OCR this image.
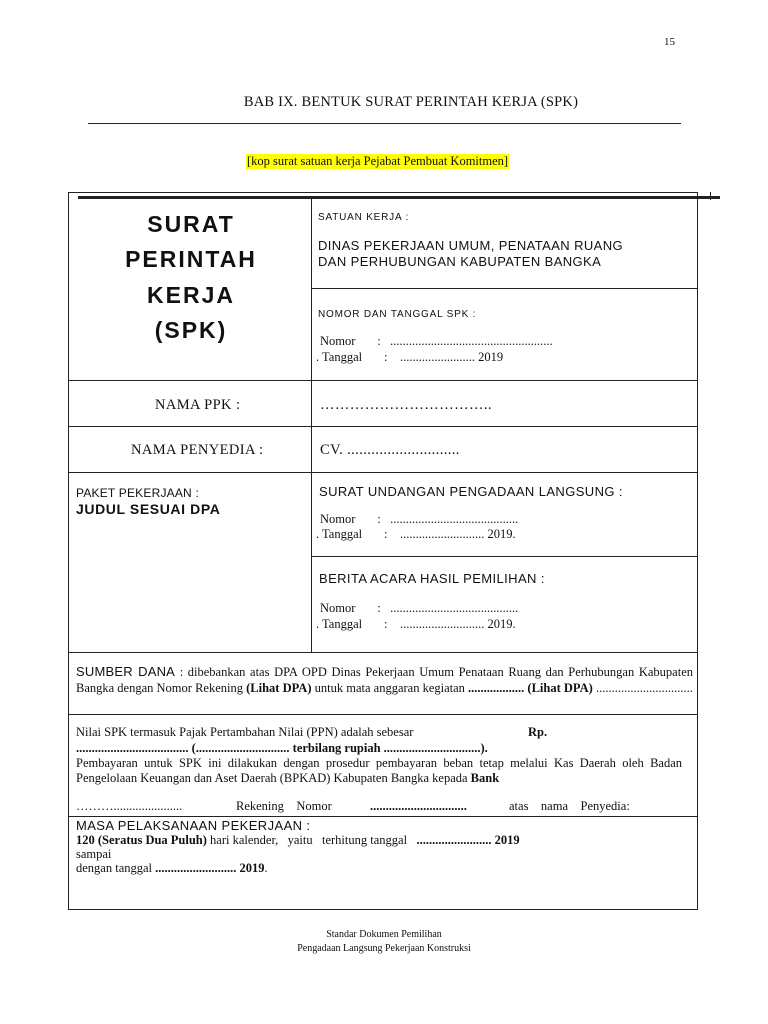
15
BAB IX. BENTUK SURAT PERINTAH KERJA (SPK)
[kop surat satuan kerja Pejabat Pembuat Komitmen]
SURAT
PERINTAH
KERJA
(SPK)
SATUAN KERJA :
DINAS PEKERJAAN UMUM, PENATAAN RUANG
DAN PERHUBUNGAN KABUPATEN BANGKA
NOMOR DAN TANGGAL SPK :
Nomor       :   ....................................................
. Tanggal       :    ........................ 2019
NAMA PPK :	……………………………..
NAMA PENYEDIA :	CV. ............................
PAKET PEKERJAAN :
JUDUL SESUAI DPA
SURAT UNDANGAN PENGADAAN LANGSUNG :
Nomor       :   .........................................
. Tanggal       :    ........................... 2019.
BERITA ACARA HASIL PEMILIHAN :
Nomor       :   .........................................
. Tanggal       :    ........................... 2019.
SUMBER DANA : dibebankan atas DPA OPD Dinas Pekerjaan Umum Penataan Ruang dan Perhubungan Kabupaten Bangka dengan Nomor Rekening (Lihat DPA) untuk mata anggaran kegiatan .................. (Lihat DPA) ...............................
Nilai SPK termasuk Pajak Pertambahan Nilai (PPN) adalah sebesar	Rp.
.................................... (.............................. terbilang rupiah ...............................).
Pembayaran untuk SPK ini dilakukan dengan prosedur pembayaran beban tetap melalui Kas Daerah oleh Badan Pengelolaan Keuangan dan Aset Daerah (BPKAD) Kabupaten Bangka kepada Bank
………......................	Rekening    Nomor	...............................	atas    nama    Penyedia:
MASA PELAKSANAAN PEKERJAAN :
120 (Seratus Dua Puluh) hari kalender,   yaitu   terhitung tanggal   ........................ 2019
sampai
dengan tanggal .......................... 2019.
Standar Dokumen Pemilihan
Pengadaan Langsung Pekerjaan Konstruksi
